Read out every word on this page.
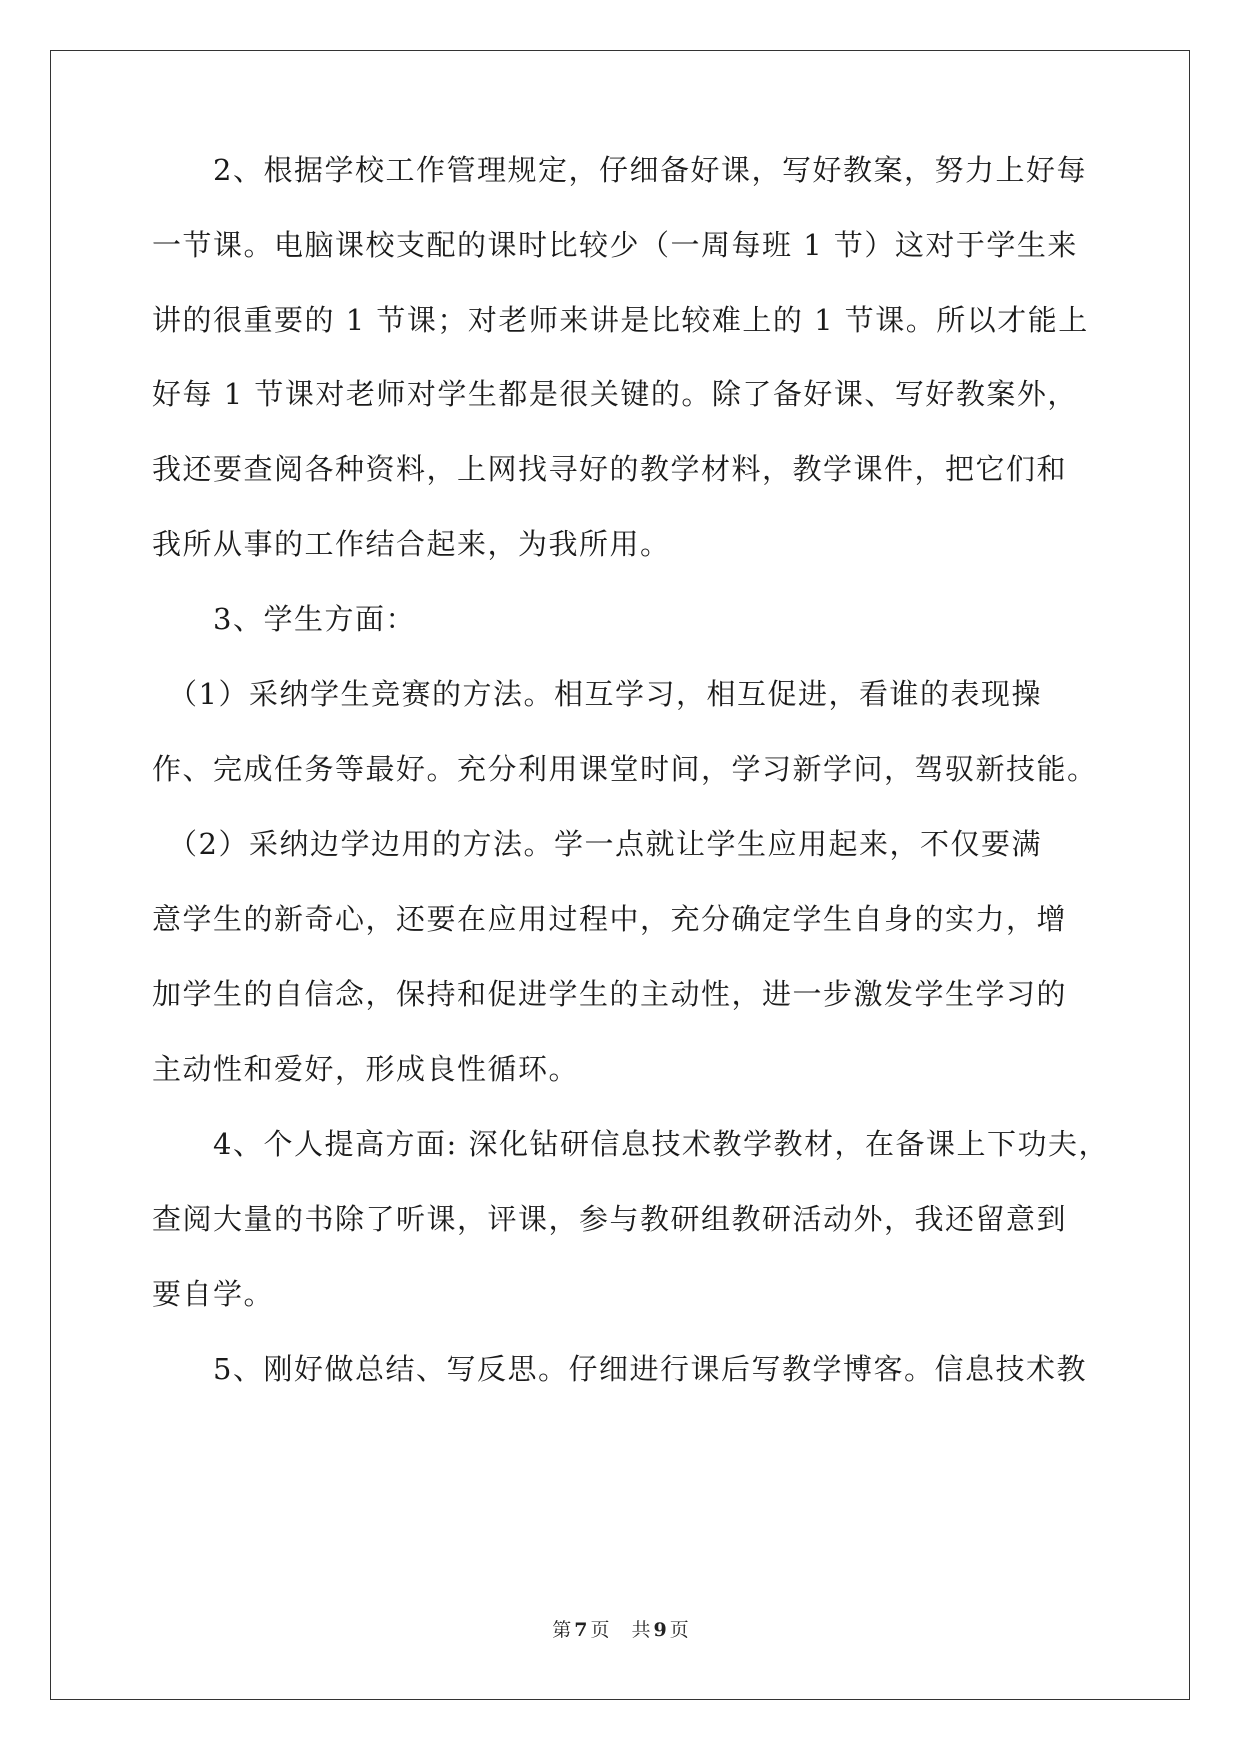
　　2、根据学校工作管理规定，仔细备好课，写好教案，努力上好每
一节课。电脑课校支配的课时比较少（一周每班 1 节）这对于学生来
讲的很重要的 1 节课；对老师来讲是比较难上的 1 节课。所以才能上
好每 1 节课对老师对学生都是很关键的。除了备好课、写好教案外，
我还要查阅各种资料，上网找寻好的教学材料，教学课件，把它们和
我所从事的工作结合起来，为我所用。
　　3、学生方面：
　（1）采纳学生竞赛的方法。相互学习，相互促进，看谁的表现操
作、完成任务等最好。充分利用课堂时间，学习新学问，驾驭新技能。
　（2）采纳边学边用的方法。学一点就让学生应用起来，不仅要满
意学生的新奇心，还要在应用过程中，充分确定学生自身的实力，增
加学生的自信念，保持和促进学生的主动性，进一步激发学生学习的
主动性和爱好，形成良性循环。
　　4、个人提高方面: 深化钻研信息技术教学教材，在备课上下功夫，
查阅大量的书除了听课，评课，参与教研组教研活动外，我还留意到
要自学。
　　5、刚好做总结、写反思。仔细进行课后写教学博客。信息技术教
第 7 页 共 9 页
